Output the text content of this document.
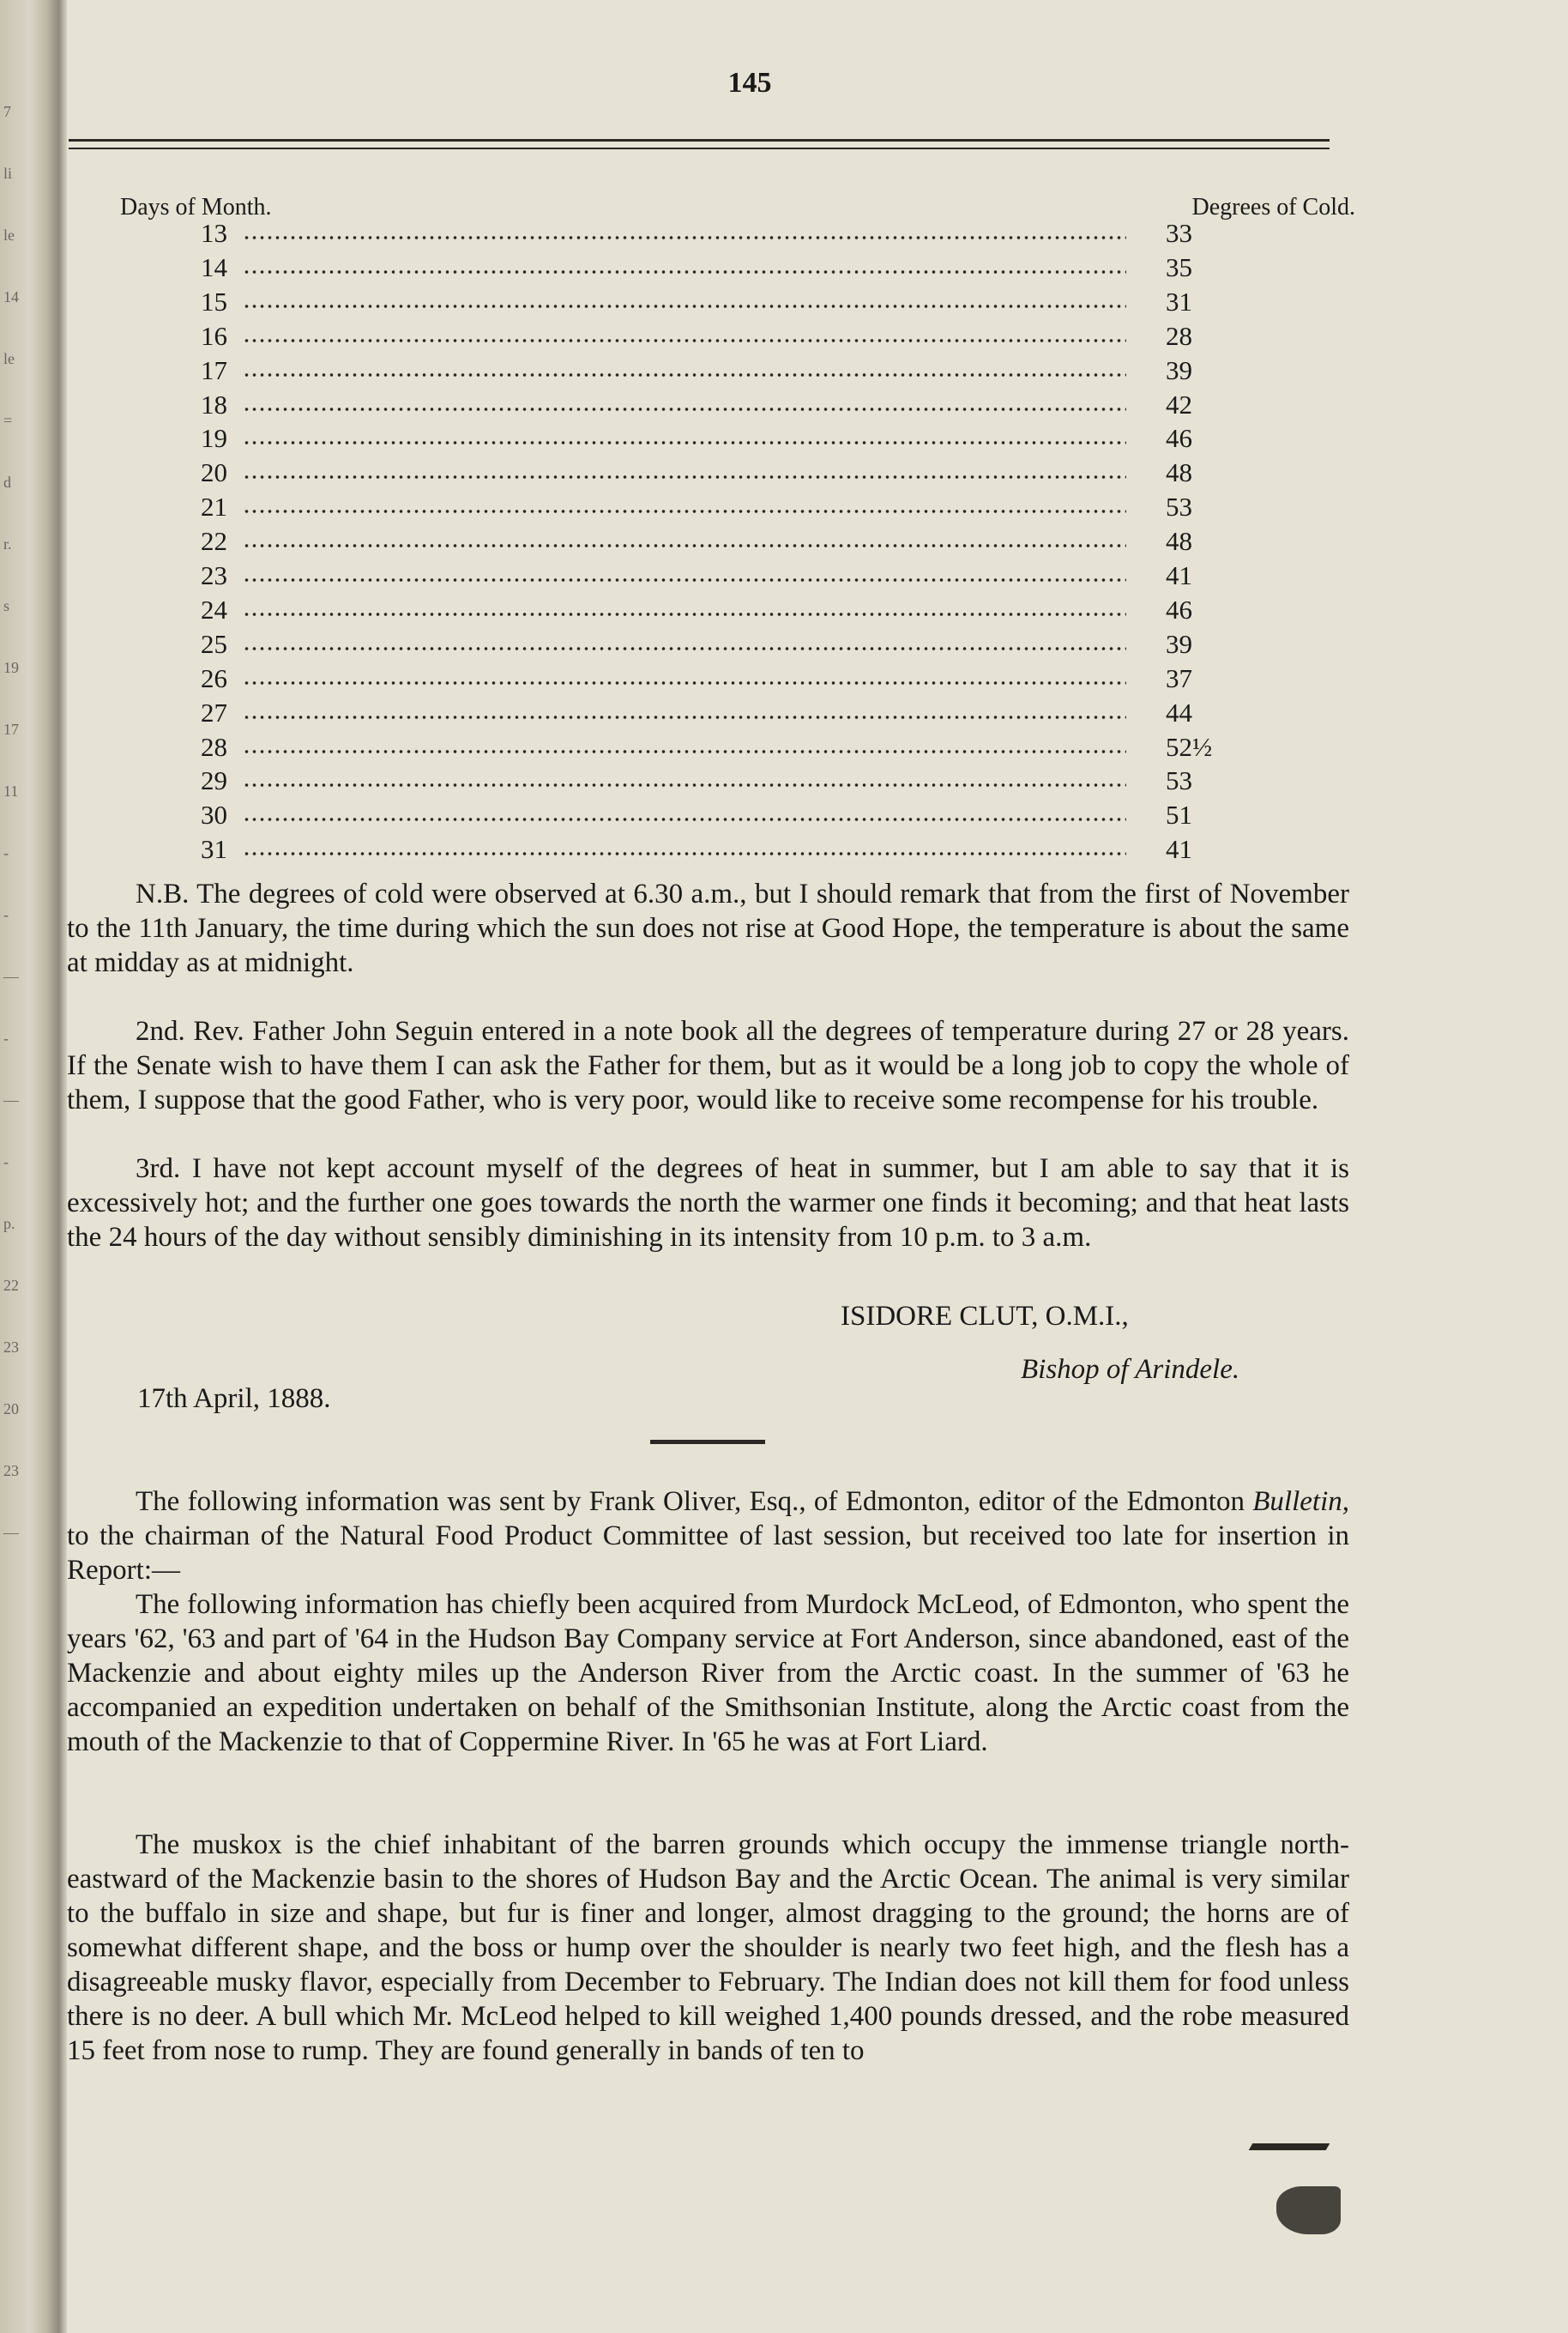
7
li
le
14
le
=
d
r.
s
19
17
11
-
-
—
-
—
-
p.
22
23
20
23
—
145
Days of Month.	Degrees of Cold.
13	33
14	35
15	31
16	28
17	39
18	42
19	46
20	48
21	53
22	48
23	41
24	46
25	39
26	37
27	44
28	52½
29	53
30	51
31	41

N.B. The degrees of cold were observed at 6.30 a.m., but I should remark that from the first of November to the 11th January, the time during which the sun does not rise at Good Hope, the temperature is about the same at midday as at midnight.

2nd. Rev. Father John Seguin entered in a note book all the degrees of temperature during 27 or 28 years. If the Senate wish to have them I can ask the Father for them, but as it would be a long job to copy the whole of them, I suppose that the good Father, who is very poor, would like to receive some recompense for his trouble.

3rd. I have not kept account myself of the degrees of heat in summer, but I am able to say that it is excessively hot; and the further one goes towards the north the warmer one finds it becoming; and that heat lasts the 24 hours of the day without sensibly diminishing in its intensity from 10 p.m. to 3 a.m.

ISIDORE CLUT, O.M.I.,
Bishop of Arindele.
17th April, 1888.

The following information was sent by Frank Oliver, Esq., of Edmonton, editor of the Edmonton Bulletin, to the chairman of the Natural Food Product Committee of last session, but received too late for insertion in Report:—

The following information has chiefly been acquired from Murdock McLeod, of Edmonton, who spent the years '62, '63 and part of '64 in the Hudson Bay Company service at Fort Anderson, since abandoned, east of the Mackenzie and about eighty miles up the Anderson River from the Arctic coast. In the summer of '63 he accompanied an expedition undertaken on behalf of the Smithsonian Institute, along the Arctic coast from the mouth of the Mackenzie to that of Coppermine River. In '65 he was at Fort Liard.

The muskox is the chief inhabitant of the barren grounds which occupy the immense triangle north-eastward of the Mackenzie basin to the shores of Hudson Bay and the Arctic Ocean. The animal is very similar to the buffalo in size and shape, but fur is finer and longer, almost dragging to the ground; the horns are of somewhat different shape, and the boss or hump over the shoulder is nearly two feet high, and the flesh has a disagreeable musky flavor, especially from December to February. The Indian does not kill them for food unless there is no deer. A bull which Mr. McLeod helped to kill weighed 1,400 pounds dressed, and the robe measured 15 feet from nose to rump. They are found generally in bands of ten to
